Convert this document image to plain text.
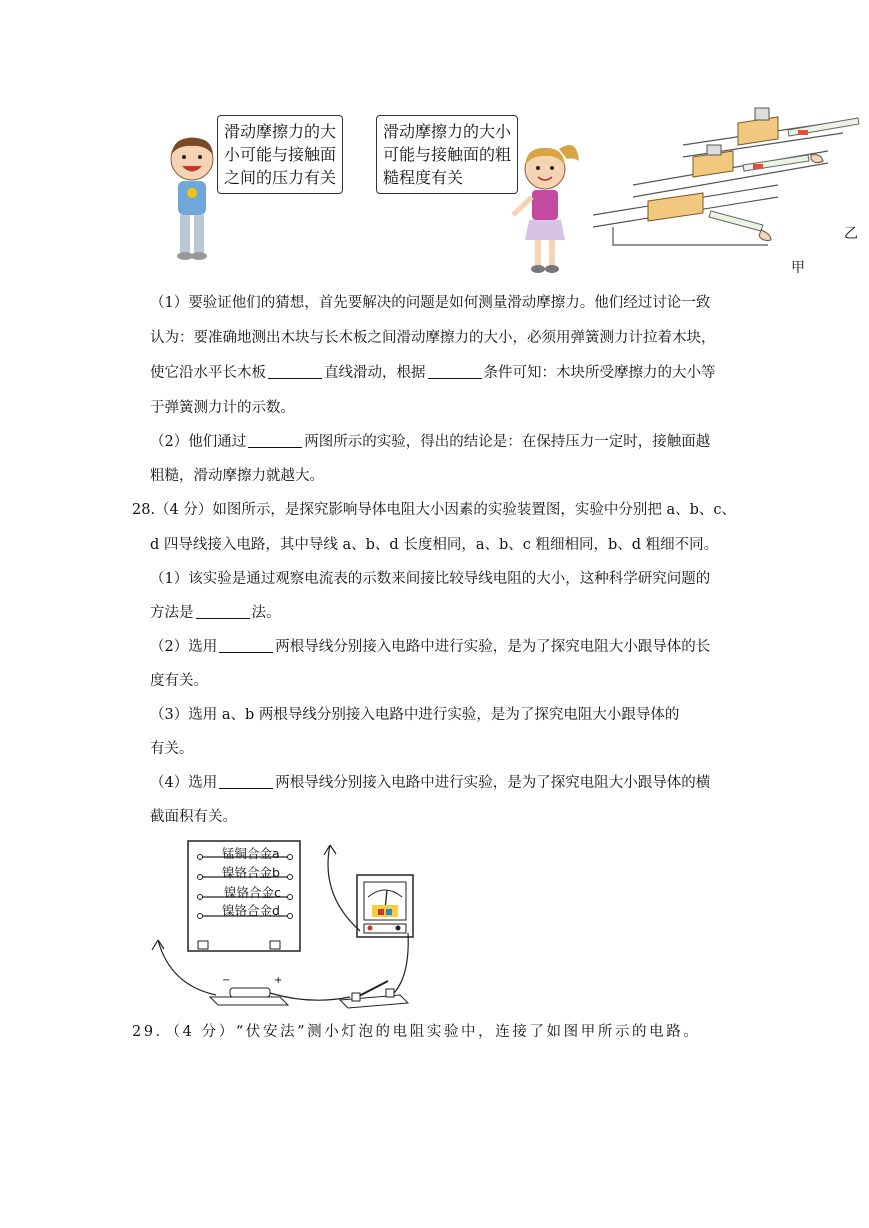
滑动摩擦力的大
小可能与接触面
之间的压力有关
滑动摩擦力的大小
可能与接触面的粗
糙程度有关
甲
乙
（1）要验证他们的猜想，首先要解决的问题是如何测量滑动摩擦力。他们经过讨论一致
认为：要准确地测出木块与长木板之间滑动摩擦力的大小，必须用弹簧测力计拉着木块，
使它沿水平长木板	直线滑动，根据	条件可知：木块所受摩擦力的大小等
于弹簧测力计的示数。
（2）他们通过	两图所示的实验，得出的结论是：在保持压力一定时，接触面越
粗糙，滑动摩擦力就越大。
28.（4 分）如图所示，是探究影响导体电阻大小因素的实验装置图，实验中分别把 a、b、c、
d 四导线接入电路，其中导线 a、b、d 长度相同，a、b、c 粗细相同，b、d 粗细不同。
（1）该实验是通过观察电流表的示数来间接比较导线电阻的大小，这种科学研究问题的
方法是	法。
（2）选用	两根导线分别接入电路中进行实验，是为了探究电阻大小跟导体的长
度有关。
（3）选用 a、b 两根导线分别接入电路中进行实验，是为了探究电阻大小跟导体的
有关。
（4）选用	两根导线分别接入电路中进行实验，是为了探究电阻大小跟导体的横
截面积有关。
锰铜合金a
镍铬合金b
镍铬合金c
镍铬合金d
−	+
29．（4 分）“伏安法”测小灯泡的电阻实验中，连接了如图甲所示的电路。
